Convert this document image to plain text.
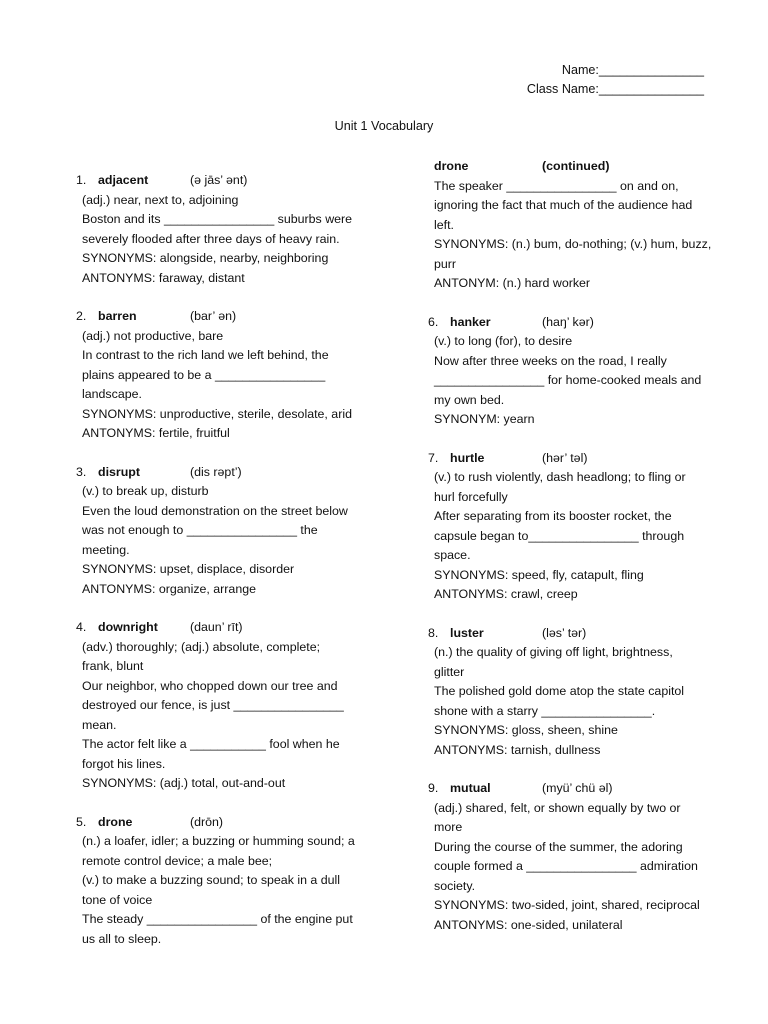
Name:_______________
Class Name:_______________
Unit 1 Vocabulary
1. adjacent	(ə jās’ ənt)
(adj.) near, next to, adjoining
Boston and its ________________ suburbs were
severely flooded after three days of heavy rain.
SYNONYMS: alongside, nearby, neighboring
ANTONYMS: faraway, distant
2. barren	(bar’ ən)
(adj.) not productive, bare
In contrast to the rich land we left behind, the
plains appeared to be a ________________
landscape.
SYNONYMS: unproductive, sterile, desolate, arid
ANTONYMS: fertile, fruitful
3. disrupt	(dis rəpt’)
(v.) to break up, disturb
Even the loud demonstration on the street below
was not enough to ________________ the
meeting.
SYNONYMS: upset, displace, disorder
ANTONYMS: organize, arrange
4. downright	(daun’ rīt)
(adv.) thoroughly; (adj.) absolute, complete;
frank, blunt
Our neighbor, who chopped down our tree and
destroyed our fence, is just ________________
mean.
The actor felt like a ___________ fool when he
forgot his lines.
SYNONYMS: (adj.) total, out-and-out
5. drone	(drōn)
(n.) a loafer, idler; a buzzing or humming sound; a
remote control device; a male bee;
(v.) to make a buzzing sound; to speak in a dull
tone of voice
The steady ________________ of the engine put
us all to sleep.
drone	(continued)
The speaker ________________ on and on,
ignoring the fact that much of the audience had
left.
SYNONYMS: (n.) bum, do-nothing; (v.) hum, buzz,
purr
ANTONYM: (n.) hard worker
6. hanker	(haŋ’ kər)
(v.) to long (for), to desire
Now after three weeks on the road, I really
________________ for home-cooked meals and
my own bed.
SYNONYM: yearn
7. hurtle	(hər’ təl)
(v.) to rush violently, dash headlong; to fling or
hurl forcefully
After separating from its booster rocket, the
capsule began to________________ through
space.
SYNONYMS: speed, fly, catapult, fling
ANTONYMS: crawl, creep
8. luster	(ləs’ tər)
(n.) the quality of giving off light, brightness,
glitter
The polished gold dome atop the state capitol
shone with a starry ________________.
SYNONYMS: gloss, sheen, shine
ANTONYMS: tarnish, dullness
9. mutual	(myü’ chü əl)
(adj.) shared, felt, or shown equally by two or
more
During the course of the summer, the adoring
couple formed a ________________ admiration
society.
SYNONYMS: two-sided, joint, shared, reciprocal
ANTONYMS: one-sided, unilateral
